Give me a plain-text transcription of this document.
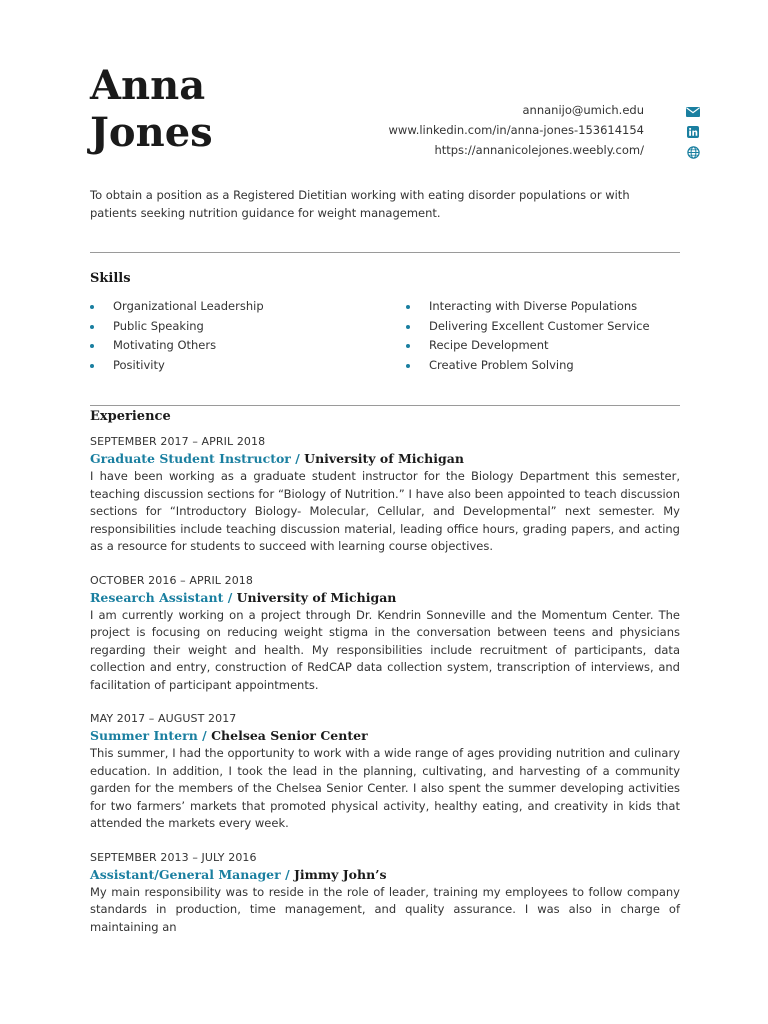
Anna
Jones	annanijo@umich.edu
www.linkedin.com/in/anna-jones-153614154
https://annanicolejones.weebly.com/
To obtain a position as a Registered Dietitian working with eating disorder populations or with patients seeking nutrition guidance for weight management.
Skills
Organizational Leadership
Public Speaking
Motivating Others
Positivity
Interacting with Diverse Populations
Delivering Excellent Customer Service
Recipe Development
Creative Problem Solving
Experience
SEPTEMBER 2017 – APRIL 2018
Graduate Student Instructor / University of Michigan

I have been working as a graduate student instructor for the Biology Department this semester, teaching discussion sections for “Biology of Nutrition.” I have also been appointed to teach discussion sections for “Introductory Biology- Molecular, Cellular, and Developmental” next semester. My responsibilities include teaching discussion material, leading office hours, grading papers, and acting as a resource for students to succeed with learning course objectives.

OCTOBER 2016 – APRIL 2018
Research Assistant / University of Michigan

I am currently working on a project through Dr. Kendrin Sonneville and the Momentum Center. The project is focusing on reducing weight stigma in the conversation between teens and physicians regarding their weight and health. My responsibilities include recruitment of participants, data collection and entry, construction of RedCAP data collection system, transcription of interviews, and facilitation of participant appointments.

MAY 2017 – AUGUST 2017
Summer Intern / Chelsea Senior Center

This summer, I had the opportunity to work with a wide range of ages providing nutrition and culinary education. In addition, I took the lead in the planning, cultivating, and harvesting of a community garden for the members of the Chelsea Senior Center. I also spent the summer developing activities for two farmers’ markets that promoted physical activity, healthy eating, and creativity in kids that attended the markets every week.

SEPTEMBER 2013 – JULY 2016
Assistant/General Manager / Jimmy John’s

My main responsibility was to reside in the role of leader, training my employees to follow company standards in production, time management, and quality assurance. I was also in charge of maintaining an
